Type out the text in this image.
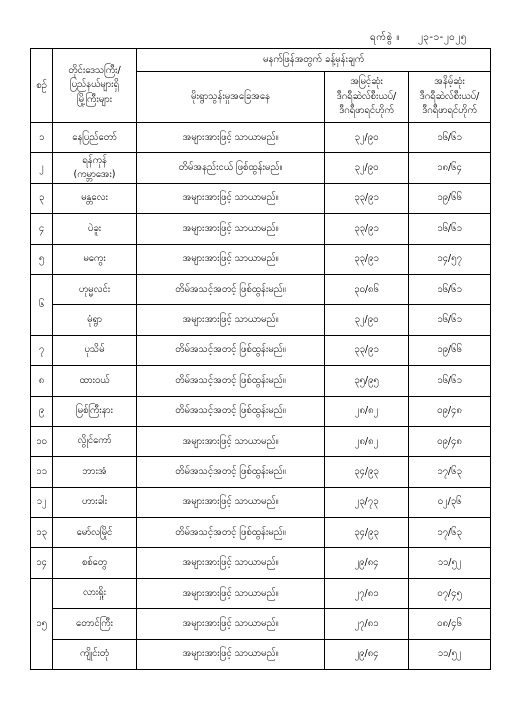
ရက်စွဲ ။ ၂၃-၁-၂၀၂၅
စဉ်	တိုင်းဒေသကြီး/
ပြည်နယ်များရှိ
မြို့ကြီးများ	မနက်ဖြန်အတွက် ခန့်မှန်းချက်		
		မိုးရွာသွန်းမှုအခြေအနေ	အမြင့်ဆုံး
ဒီဂရီဆဲလ်စီးယပ်/
ဒီဂရီဖာရင်ဟိုက်	အနိမ့်ဆုံး
ဒီဂရီဆဲလ်စီးယပ်/
ဒီဂရီဖာရင်ဟိုက်
၁	နေပြည်တော်	အများအားဖြင့် သာယာမည်။	၃၂/၉၀	၁၆/၆၁
၂	ရန်ကုန်
(ကမ္ဘာအေး)	တိမ်အနည်းငယ် ဖြစ်ထွန်းမည်။	၃၂/၉၀	၁၈/၆၄
၃	မန္တလေး	အများအားဖြင့် သာယာမည်။	၃၃/၉၁	၁၉/၆၆
၄	ပဲခူး	အများအားဖြင့် သာယာမည်။	၃၃/၉၁	၁၆/၆၁
၅	မကွေး	အများအားဖြင့် သာယာမည်။	၃၃/၉၁	၁၄/၅၇
၆	ဟုမ္မလင်း	တိမ်အသင့်အတင့် ဖြစ်ထွန်းမည်။	၃၀/၈၆	၁၆/၆၁
	မုံရွာ	အများအားဖြင့် သာယာမည်။	၃၂/၉၀	၁၆/၆၁
၇	ပုသိမ်	တိမ်အသင့်အတင့် ဖြစ်ထွန်းမည်။	၃၃/၉၁	၁၉/၆၆
၈	ထားဝယ်	တိမ်အသင့်အတင့် ဖြစ်ထွန်းမည်။	၃၅/၉၅	၁၆/၆၁
၉	မြစ်ကြီးနား	တိမ်အသင့်အတင့် ဖြစ်ထွန်းမည်။	၂၈/၈၂	၀၉/၄၈
၁၀	လွိုင်ကော်	အများအားဖြင့် သာယာမည်။	၂၈/၈၂	၀၉/၄၈
၁၁	ဘားအံ	တိမ်အသင့်အတင့် ဖြစ်ထွန်းမည်။	၃၄/၉၃	၁၇/၆၃
၁၂	ဟားခါး	အများအားဖြင့် သာယာမည်။	၂၃/၇၃	၀၂/၃၆
၁၃	မော်လမြိုင်	တိမ်အသင့်အတင့် ဖြစ်ထွန်းမည်။	၃၄/၉၃	၁၇/၆၃
၁၄	စစ်တွေ	အများအားဖြင့် သာယာမည်။	၂၉/၈၄	၁၁/၅၂
၁၅	လားရှိုး	အများအားဖြင့် သာယာမည်။	၂၇/၈၁	၀၇/၄၅
	တောင်ကြီး	အများအားဖြင့် သာယာမည်။	၂၇/၈၁	၀၈/၄၆
	ကျိုင်းတုံ	အများအားဖြင့် သာယာမည်။	၂၉/၈၄	၁၁/၅၂
